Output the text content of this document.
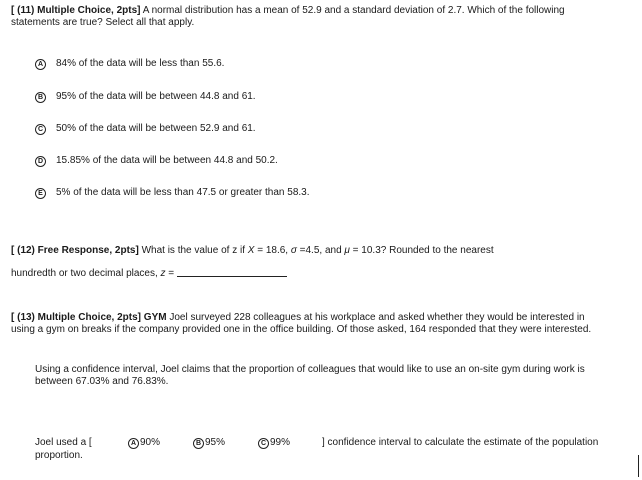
[ (11) Multiple Choice, 2pts] A normal distribution has a mean of 52.9 and a standard deviation of 2.7. Which of the following
statements are true? Select all that apply.
A 84% of the data will be less than 55.6.
B 95% of the data will be between 44.8 and 61.
C 50% of the data will be between 52.9 and 61.
D 15.85% of the data will be between 44.8 and 50.2.
E 5% of the data will be less than 47.5 or greater than 58.3.
[ (12) Free Response, 2pts] What is the value of z if X = 18.6, σ =4.5, and μ = 10.3? Rounded to the nearest
hundredth or two decimal places, z =
[ (13) Multiple Choice, 2pts] GYM Joel surveyed 228 colleagues at his workplace and asked whether they would be interested in
using a gym on breaks if the company provided one in the office building. Of those asked, 164 responded that they were interested.
Using a confidence interval, Joel claims that the proportion of colleagues that would like to use an on-site gym during work is
between 67.03% and 76.83%.
Joel used a [
proportion.
A 90%	B 95%	C 99%	] confidence interval to calculate the estimate of the population
